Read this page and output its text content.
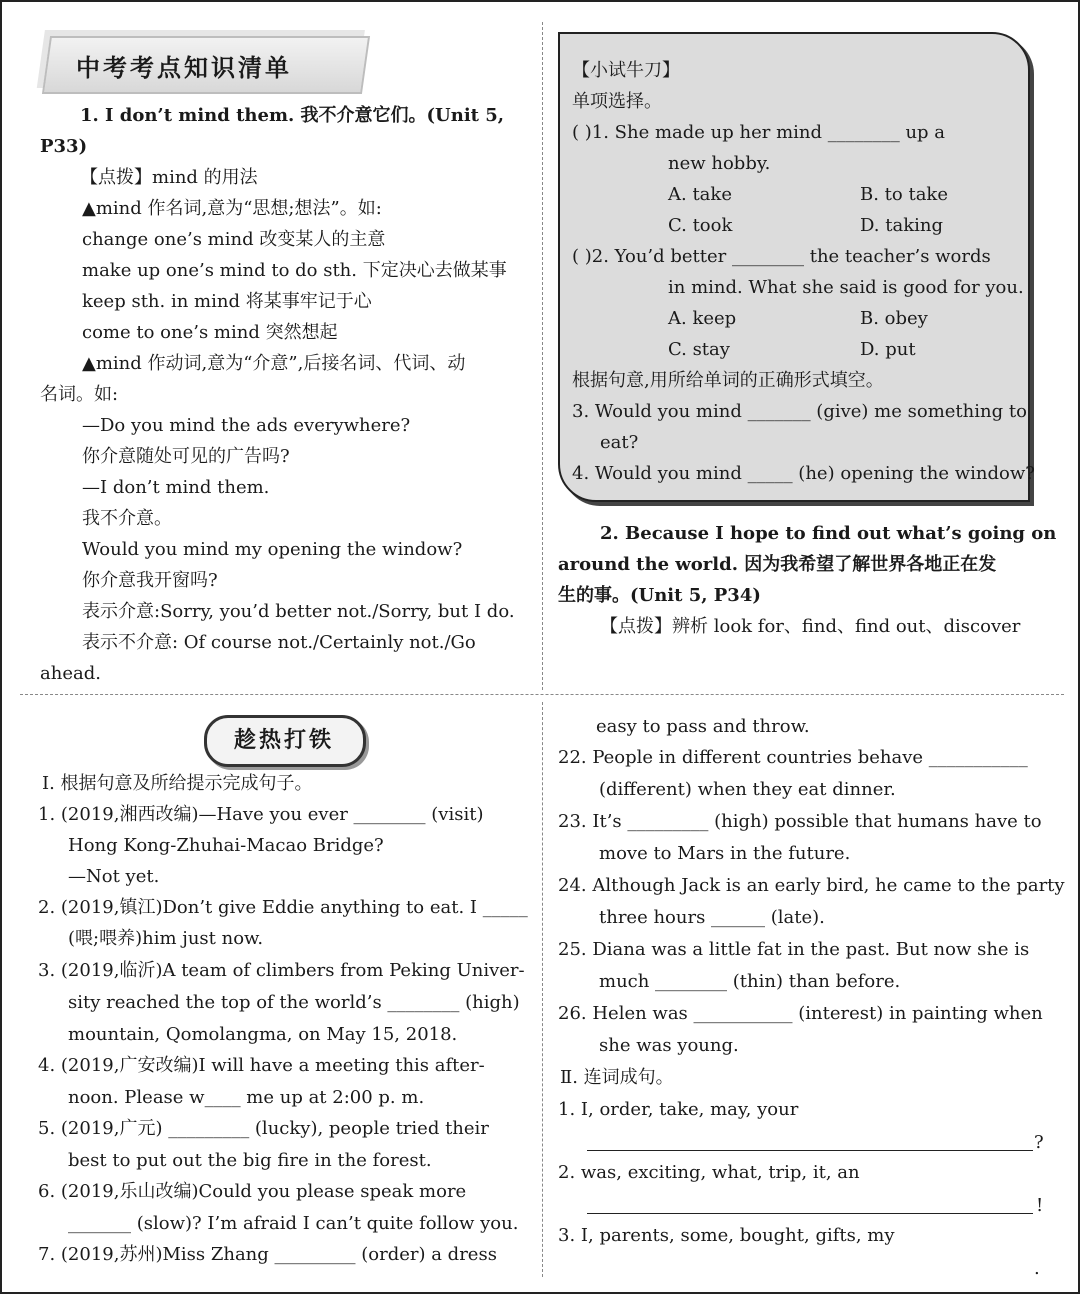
中考考点知识清单
1. I don’t mind them. 我不介意它们。(Unit 5,
P33)
【点拨】mind 的用法
▲mind 作名词,意为“思想;想法”。如:
change one’s mind 改变某人的主意
make up one’s mind to do sth. 下定决心去做某事
keep sth. in mind 将某事牢记于心
come to one’s mind 突然想起
▲mind 作动词,意为“介意”,后接名词、代词、动
名词。如:
—Do you mind the ads everywhere?
你介意随处可见的广告吗?
—I don’t mind them.
我不介意。
Would you mind my opening the window?
你介意我开窗吗?
表示介意:Sorry, you’d better not./Sorry, but I do.
表示不介意: Of course not./Certainly not./Go
ahead.
【小试牛刀】
单项选择。
( )1. She made up her mind ________ up a
new hobby.
A. take	B. to take
C. took	D. taking
( )2. You’d better ________ the teacher’s words
in mind. What she said is good for you.
A. keep	B. obey
C. stay	D. put
根据句意,用所给单词的正确形式填空。
3. Would you mind _______ (give) me something to
eat?
4. Would you mind _____ (he) opening the window?
2. Because I hope to find out what’s going on
around the world. 因为我希望了解世界各地正在发
生的事。(Unit 5, P34)
【点拨】辨析 look for、find、find out、discover
趁热打铁
Ⅰ. 根据句意及所给提示完成句子。
1. (2019,湘西改编)—Have you ever ________ (visit)
Hong Kong-Zhuhai-Macao Bridge?
—Not yet.
2. (2019,镇江)Don’t give Eddie anything to eat. I _____
(喂;喂养)him just now.
3. (2019,临沂)A team of climbers from Peking Univer-
sity reached the top of the world’s ________ (high)
mountain, Qomolangma, on May 15, 2018.
4. (2019,广安改编)I will have a meeting this after-
noon. Please w____ me up at 2:00 p. m.
5. (2019,广元) _________ (lucky), people tried their
best to put out the big fire in the forest.
6. (2019,乐山改编)Could you please speak more
_______ (slow)? I’m afraid I can’t quite follow you.
7. (2019,苏州)Miss Zhang _________ (order) a dress
easy to pass and throw.
22. People in different countries behave ___________
(different) when they eat dinner.
23. It’s _________ (high) possible that humans have to
move to Mars in the future.
24. Although Jack is an early bird, he came to the party
three hours ______ (late).
25. Diana was a little fat in the past. But now she is
much ________ (thin) than before.
26. Helen was ___________ (interest) in painting when
she was young.
Ⅱ. 连词成句。
1. I, order, take, may, your
?
2. was, exciting, what, trip, it, an
!
3. I, parents, some, bought, gifts, my
.
